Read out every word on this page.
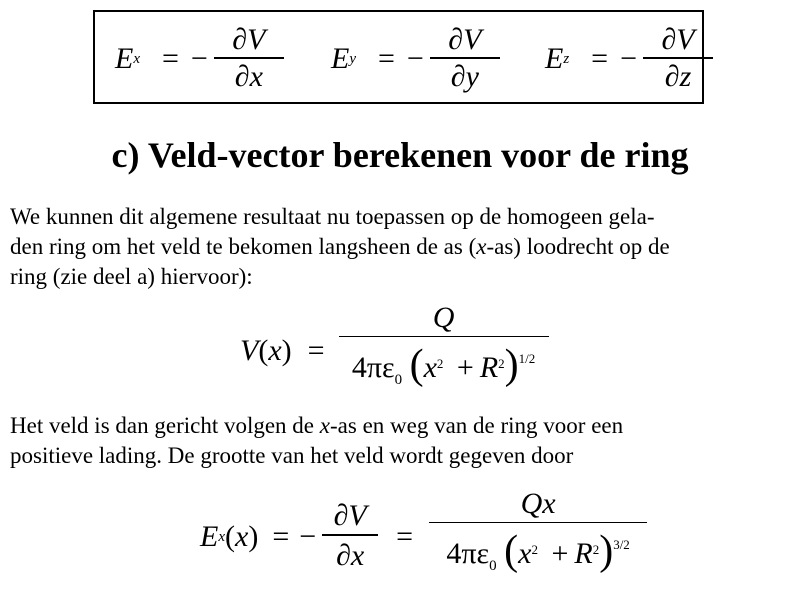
E x = − $\frac{\partial V}{\partial x}$ E y = − $\frac{\partial V}{\partial y}$ E z = − $\frac{\partial V}{\partial z}$
c) Veld-vector berekenen voor de ring
We kunnen dit algemene resultaat nu toepassen op de homogeen gela-
den ring om het veld te bekomen langsheen de as (x-as) loodrecht op de
ring (zie deel a) hiervoor):
V ( x ) = $\frac{Q}{4\pi\varepsilon_0 (x^2 + R^2)^{1/2}}$
Het veld is dan gericht volgen de x-as en weg van de ring voor een
positieve lading. De grootte van het veld wordt gegeven door
E x ( x ) = − $\frac{\partial V}{\partial x} = \frac{Qx}{4\pi\varepsilon_0 (x^2 + R^2)^{3/2}}$
